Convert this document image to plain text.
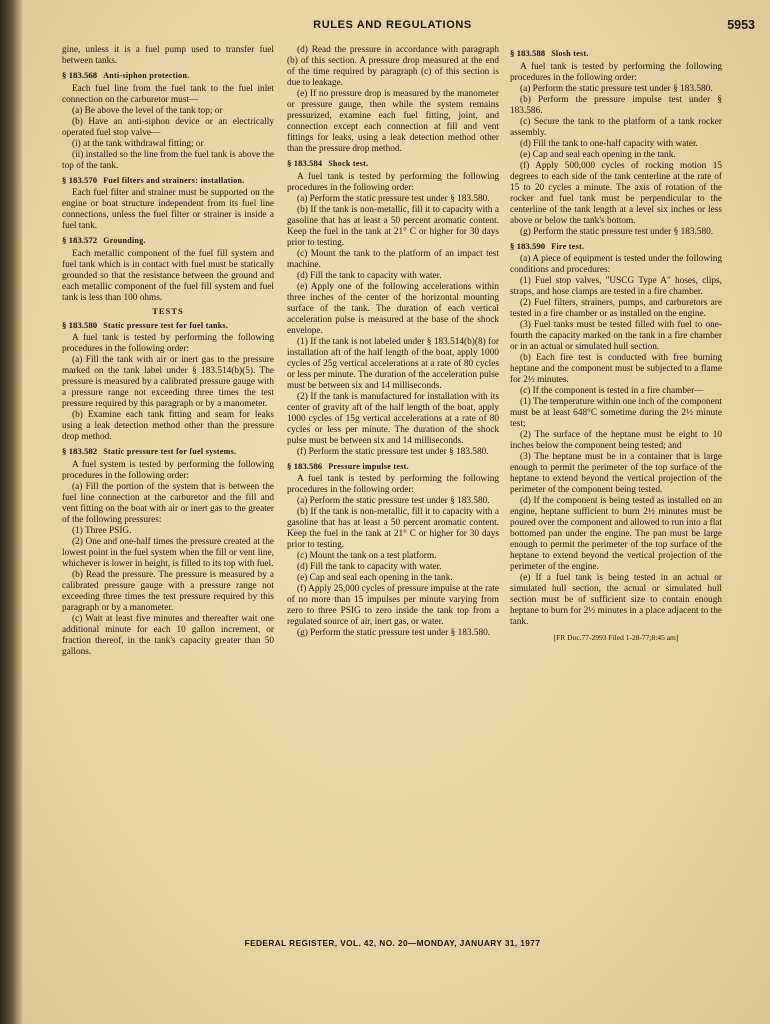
RULES AND REGULATIONS	5953

gine, unless it is a fuel pump used to transfer fuel between tanks.

§ 183.568 Anti-siphon protection.

Each fuel line from the fuel tank to the fuel inlet connection on the carburetor must—

(a) Be above the level of the tank top; or

(b) Have an anti-siphon device or an electrically operated fuel stop valve—

(i) at the tank withdrawal fitting; or

(ii) installed so the line from the fuel tank is above the top of the tank.

§ 183.570 Fuel filters and strainers: installation.

Each fuel filter and strainer must be supported on the engine or boat structure independent from its fuel line connections, unless the fuel filter or strainer is inside a fuel tank.

§ 183.572 Grounding.

Each metallic component of the fuel fill system and fuel tank which is in contact with fuel must be statically grounded so that the resistance between the ground and each metallic component of the fuel fill system and fuel tank is less than 100 ohms.

TESTS
§ 183.580 Static pressure test for fuel tanks.

A fuel tank is tested by performing the following procedures in the following order:

(a) Fill the tank with air or inert gas to the pressure marked on the tank label under § 183.514(b)(5). The pressure is measured by a calibrated pressure gauge with a pressure range not exceeding three times the test pressure required by this paragraph or by a manometer.

(b) Examine each tank fitting and seam for leaks using a leak detection method other than the pressure drop method.

§ 183.582 Static pressure test for fuel systems.

A fuel system is tested by performing the following procedures in the following order:

(a) Fill the portion of the system that is between the fuel line connection at the carburetor and the fill and vent fitting on the boat with air or inert gas to the greater of the following pressures:

(1) Three PSIG.

(2) One and one-half times the pressure created at the lowest point in the fuel system when the fill or vent line, whichever is lower in height, is filled to its top with fuel.

(b) Read the pressure. The pressure is measured by a calibrated pressure gauge with a pressure range not exceeding three times the test pressure required by this paragraph or by a manometer.

(c) Wait at least five minutes and thereafter wait one additional minute for each 10 gallon increment, or fraction thereof, in the tank's capacity greater than 50 gallons.

(d) Read the pressure in accordance with paragraph (b) of this section. A pressure drop measured at the end of the time required by paragraph (c) of this section is due to leakage.

(e) If no pressure drop is measured by the manometer or pressure gauge, then while the system remains pressurized, examine each fuel fitting, joint, and connection except each connection at fill and vent fittings for leaks, using a leak detection method other than the pressure drop method.

§ 183.584 Shock test.

A fuel tank is tested by performing the following procedures in the following order:

(a) Perform the static pressure test under § 183.580.

(b) If the tank is non-metallic, fill it to capacity with a gasoline that has at least a 50 percent aromatic content. Keep the fuel in the tank at 21° C or higher for 30 days prior to testing.

(c) Mount the tank to the platform of an impact test machine.

(d) Fill the tank to capacity with water.

(e) Apply one of the following accelerations within three inches of the center of the horizontal mounting surface of the tank. The duration of each vertical acceleration pulse is measured at the base of the shock envelope.

(1) If the tank is not labeled under § 183.514(b)(8) for installation aft of the half length of the boat, apply 1000 cycles of 25g vertical accelerations at a rate of 80 cycles or less per minute. The duration of the acceleration pulse must be between six and 14 milliseconds.

(2) If the tank is manufactured for installation with its center of gravity aft of the half length of the boat, apply 1000 cycles of 15g vertical accelerations at a rate of 80 cycles or less per minute. The duration of the shock pulse must be between six and 14 milliseconds.

(f) Perform the static pressure test under § 183.580.

§ 183.586 Pressure impulse test.

A fuel tank is tested by performing the following procedures in the following order:

(a) Perform the static pressure test under § 183.580.

(b) If the tank is non-metallic, fill it to capacity with a gasoline that has at least a 50 percent aromatic content. Keep the fuel in the tank at 21° C or higher for 30 days prior to testing.

(c) Mount the tank on a test platform.

(d) Fill the tank to capacity with water.

(e) Cap and seal each opening in the tank.

(f) Apply 25,000 cycles of pressure impulse at the rate of no more than 15 impulses per minute varying from zero to three PSIG to zero inside the tank top from a regulated source of air, inert gas, or water.

(g) Perform the static pressure test under § 183.580.

§ 183.588 Slosh test.

A fuel tank is tested by performing the following procedures in the following order:

(a) Perform the static pressure test under § 183.580.

(b) Perform the pressure impulse test under § 183.586.

(c) Secure the tank to the platform of a tank rocker assembly.

(d) Fill the tank to one-half capacity with water.

(e) Cap and seal each opening in the tank.

(f) Apply 500,000 cycles of rocking motion 15 degrees to each side of the tank centerline at the rate of 15 to 20 cycles a minute. The axis of rotation of the rocker and fuel tank must be perpendicular to the centerline of the tank length at a level six inches or less above or below the tank's bottom.

(g) Perform the static pressure test under § 183.580.

§ 183.590 Fire test.

(a) A piece of equipment is tested under the following conditions and procedures:

(1) Fuel stop valves, "USCG Type A" hoses, clips, straps, and hose clamps are tested in a fire chamber.

(2) Fuel filters, strainers, pumps, and carburetors are tested in a fire chamber or as installed on the engine.

(3) Fuel tanks must be tested filled with fuel to one-fourth the capacity marked on the tank in a fire chamber or in an actual or simulated hull section.

(b) Each fire test is conducted with free burning heptane and the component must be subjected to a flame for 2½ minutes.

(c) If the component is tested in a fire chamber—

(1) The temperature within one inch of the component must be at least 648°C sometime during the 2½ minute test;

(2) The surface of the heptane must be eight to 10 inches below the component being tested; and

(3) The heptane must be in a container that is large enough to permit the perimeter of the top surface of the heptane to extend beyond the vertical projection of the perimeter of the component being tested.

(d) If the component is being tested as installed on an engine, heptane sufficient to burn 2½ minutes must be poured over the component and allowed to run into a flat bottomed pan under the engine. The pan must be large enough to permit the perimeter of the top surface of the heptane to extend beyond the vertical projection of the perimeter of the engine.

(e) If a fuel tank is being tested in an actual or simulated hull section, the actual or simulated hull section must be of sufficient size to contain enough heptane to burn for 2½ minutes in a place adjacent to the tank.

[FR Doc.77-2993 Filed 1-28-77;8:45 am]

FEDERAL REGISTER, VOL. 42, NO. 20—MONDAY, JANUARY 31, 1977
